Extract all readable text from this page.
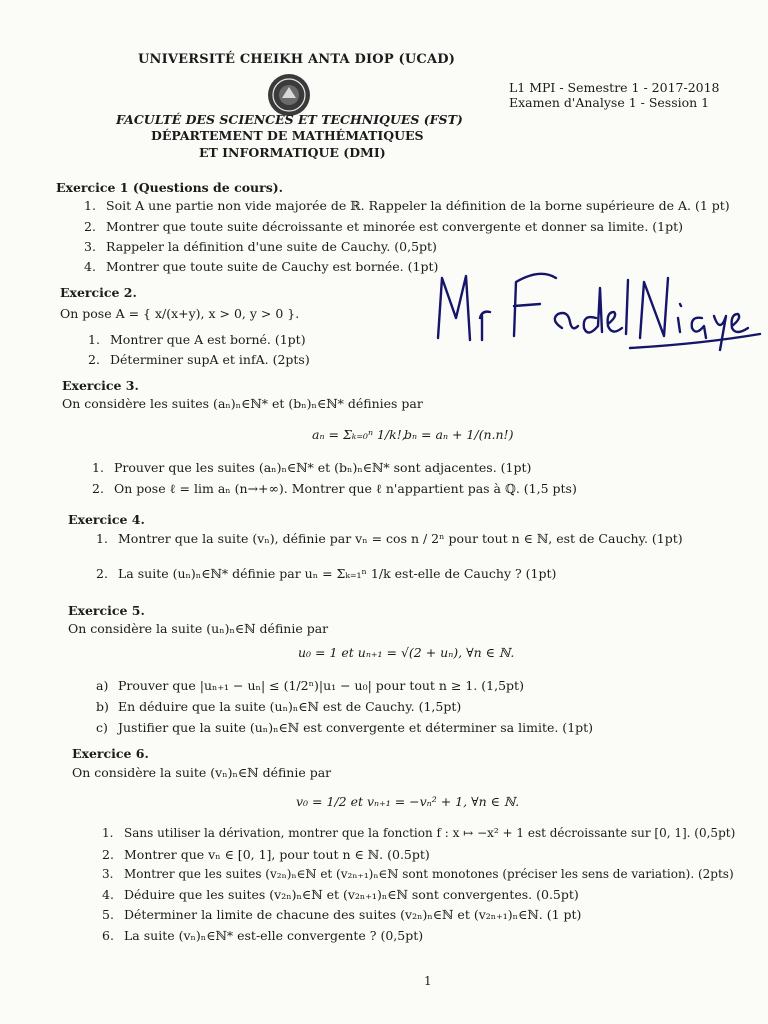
UNIVERSITÉ CHEIKH ANTA DIOP (UCAD)
FACULTÉ DES SCIENCES ET TECHNIQUES (FST)
DÉPARTEMENT DE MATHÉMATIQUES
ET INFORMATIQUE (DMI)
L1 MPI - Semestre 1 - 2017-2018
Examen d'Analyse 1 - Session 1
Exercice 1 (Questions de cours).
1. Soit A une partie non vide majorée de ℝ. Rappeler la définition de la borne supérieure de A. (1 pt)
2. Montrer que toute suite décroissante et minorée est convergente et donner sa limite. (1pt)
3. Rappeler la définition d'une suite de Cauchy. (0,5pt)
4. Montrer que toute suite de Cauchy est bornée. (1pt)
Exercice 2.
On pose A = { x/(x+y), x > 0, y > 0 }.
1. Montrer que A est borné. (1pt)
2. Déterminer supA et infA. (2pts)
Exercice 3.
On considère les suites (aₙ)ₙ∈ℕ* et (bₙ)ₙ∈ℕ* définies par
aₙ = Σₖ₌₀ⁿ 1/k!,
bₙ = aₙ + 1/(n.n!)
1. Prouver que les suites (aₙ)ₙ∈ℕ* et (bₙ)ₙ∈ℕ* sont adjacentes. (1pt)
2. On pose ℓ = lim aₙ (n→+∞). Montrer que ℓ n'appartient pas à ℚ. (1,5 pts)
Exercice 4.
1. Montrer que la suite (vₙ), définie par vₙ = cos n / 2ⁿ pour tout n ∈ ℕ, est de Cauchy. (1pt)
2. La suite (uₙ)ₙ∈ℕ* définie par uₙ = Σₖ₌₁ⁿ 1/k est-elle de Cauchy ? (1pt)
Exercice 5.
On considère la suite (uₙ)ₙ∈ℕ définie par
u₀ = 1 et uₙ₊₁ = √(2 + uₙ), ∀n ∈ ℕ.
a) Prouver que |uₙ₊₁ − uₙ| ≤ (1/2ⁿ)|u₁ − u₀| pour tout n ≥ 1. (1,5pt)
b) En déduire que la suite (uₙ)ₙ∈ℕ est de Cauchy. (1,5pt)
c) Justifier que la suite (uₙ)ₙ∈ℕ est convergente et déterminer sa limite. (1pt)
Exercice 6.
On considère la suite (vₙ)ₙ∈ℕ définie par
v₀ = 1/2 et vₙ₊₁ = −vₙ² + 1, ∀n ∈ ℕ.
1. Sans utiliser la dérivation, montrer que la fonction f : x ↦ −x² + 1 est décroissante sur [0, 1]. (0,5pt)
2. Montrer que vₙ ∈ [0, 1], pour tout n ∈ ℕ. (0.5pt)
3. Montrer que les suites (v₂ₙ)ₙ∈ℕ et (v₂ₙ₊₁)ₙ∈ℕ sont monotones (préciser les sens de variation). (2pts)
4. Déduire que les suites (v₂ₙ)ₙ∈ℕ et (v₂ₙ₊₁)ₙ∈ℕ sont convergentes. (0.5pt)
5. Déterminer la limite de chacune des suites (v₂ₙ)ₙ∈ℕ et (v₂ₙ₊₁)ₙ∈ℕ. (1 pt)
6. La suite (vₙ)ₙ∈ℕ* est-elle convergente ? (0,5pt)
1
